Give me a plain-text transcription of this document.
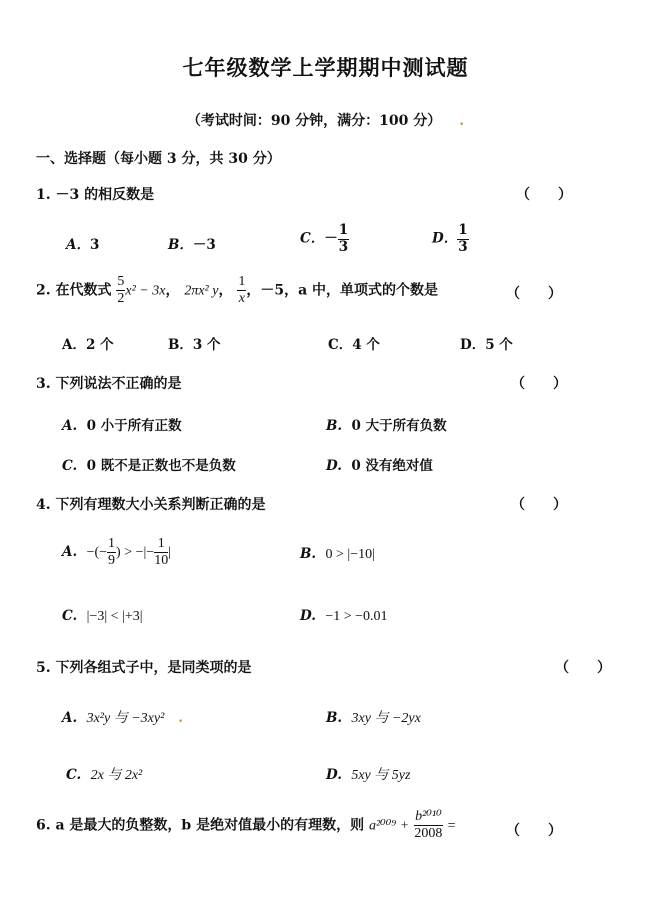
七年级数学上学期期中测试题
（考试时间：90 分钟，满分：100 分） .
一、选择题（每小题 3 分，共 30 分）
1. －3 的相反数是	（　　）
A．3	B．－3	C．－ $\frac{1}{3}$	D． $\frac{1}{3}$
2. 在代数式 $\frac{5}{2} x^2 - 3x$， 2πx² y， $\frac{1}{x}$ ，－5，a 中，单项式的个数是	（　　）
A．2 个	B．3 个	C．4 个	D．5 个
3. 下列说法不正确的是	（　　）
A. 0 小于所有正数	B. 0 大于所有负数
C. 0 既不是正数也不是负数	D. 0 没有绝对值
4. 下列有理数大小关系判断正确的是	（　　）
A. −(− $\frac{1}{9}$ ) > −|− $\frac{1}{10}$ |	B. 0 > |−10|
C. |−3| < |+3|	D. −1 > −0.01
5. 下列各组式子中，是同类项的是	（　　）
A. 3x²y 与 −3xy² .	B. 3xy 与 −2yx
C. 2x 与 2x²	D. 5xy 与 5yz
6. a 是最大的负整数，b 是绝对值最小的有理数，则 $a^{2009} + \frac{\text{b²⁰¹⁰}}{2008}$ =	（　　）
